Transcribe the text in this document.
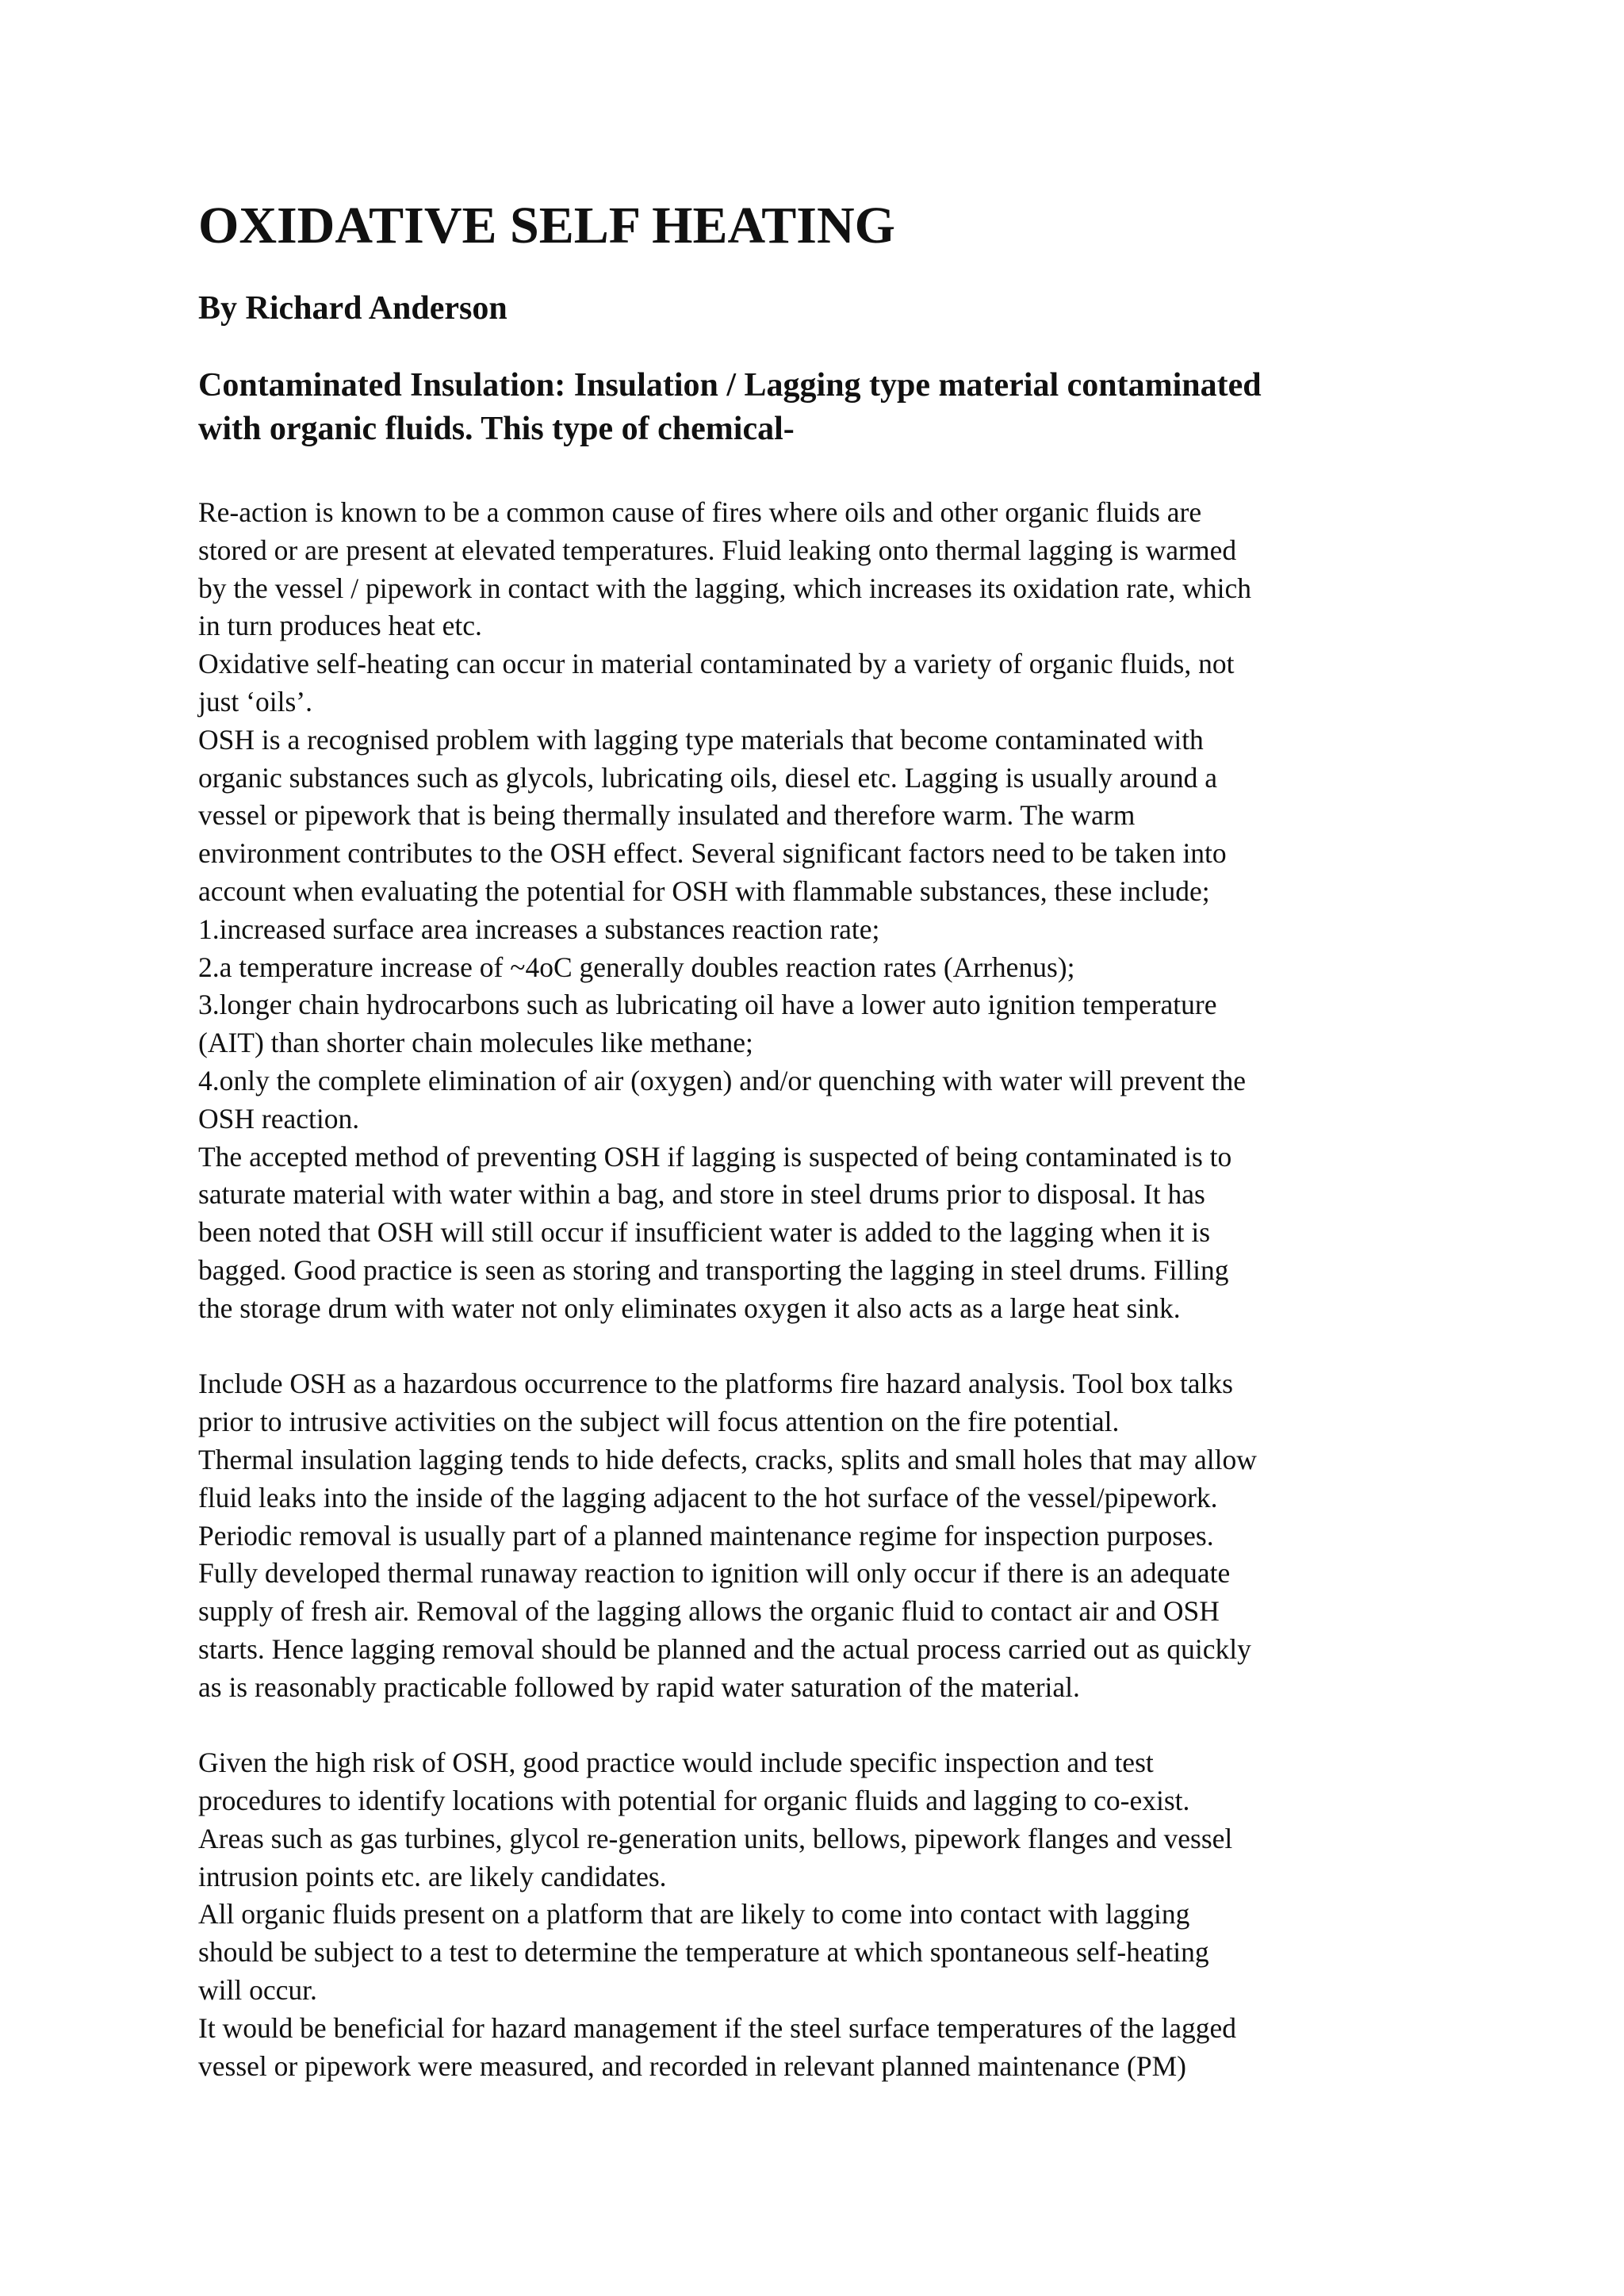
OXIDATIVE SELF HEATING
By Richard Anderson
Contaminated Insulation: Insulation / Lagging type material contaminated
with organic fluids. This type of chemical-
Re-action is known to be a common cause of fires where oils and other organic fluids are
stored or are present at elevated temperatures. Fluid leaking onto thermal lagging is warmed
by the vessel / pipework in contact with the lagging, which increases its oxidation rate, which
in turn produces heat etc.
Oxidative self-heating can occur in material contaminated by a variety of organic fluids, not
just ‘oils’.
OSH is a recognised problem with lagging type materials that become contaminated with
organic substances such as glycols, lubricating oils, diesel etc. Lagging is usually around a
vessel or pipework that is being thermally insulated and therefore warm. The warm
environment contributes to the OSH effect. Several significant factors need to be taken into
account when evaluating the potential for OSH with flammable substances, these include;
1.increased surface area increases a substances reaction rate;
2.a temperature increase of ~4oC generally doubles reaction rates (Arrhenus);
3.longer chain hydrocarbons such as lubricating oil have a lower auto ignition temperature
(AIT) than shorter chain molecules like methane;
4.only the complete elimination of air (oxygen) and/or quenching with water will prevent the
OSH reaction.
The accepted method of preventing OSH if lagging is suspected of being contaminated is to
saturate material with water within a bag, and store in steel drums prior to disposal. It has
been noted that OSH will still occur if insufficient water is added to the lagging when it is
bagged. Good practice is seen as storing and transporting the lagging in steel drums. Filling
the storage drum with water not only eliminates oxygen it also acts as a large heat sink.
Include OSH as a hazardous occurrence to the platforms fire hazard analysis. Tool box talks
prior to intrusive activities on the subject will focus attention on the fire potential.
Thermal insulation lagging tends to hide defects, cracks, splits and small holes that may allow
fluid leaks into the inside of the lagging adjacent to the hot surface of the vessel/pipework.
Periodic removal is usually part of a planned maintenance regime for inspection purposes.
Fully developed thermal runaway reaction to ignition will only occur if there is an adequate
supply of fresh air. Removal of the lagging allows the organic fluid to contact air and OSH
starts. Hence lagging removal should be planned and the actual process carried out as quickly
as is reasonably practicable followed by rapid water saturation of the material.
Given the high risk of OSH, good practice would include specific inspection and test
procedures to identify locations with potential for organic fluids and lagging to co-exist.
Areas such as gas turbines, glycol re-generation units, bellows, pipework flanges and vessel
intrusion points etc. are likely candidates.
All organic fluids present on a platform that are likely to come into contact with lagging
should be subject to a test to determine the temperature at which spontaneous self-heating
will occur.
It would be beneficial for hazard management if the steel surface temperatures of the lagged
vessel or pipework were measured, and recorded in relevant planned maintenance (PM)
